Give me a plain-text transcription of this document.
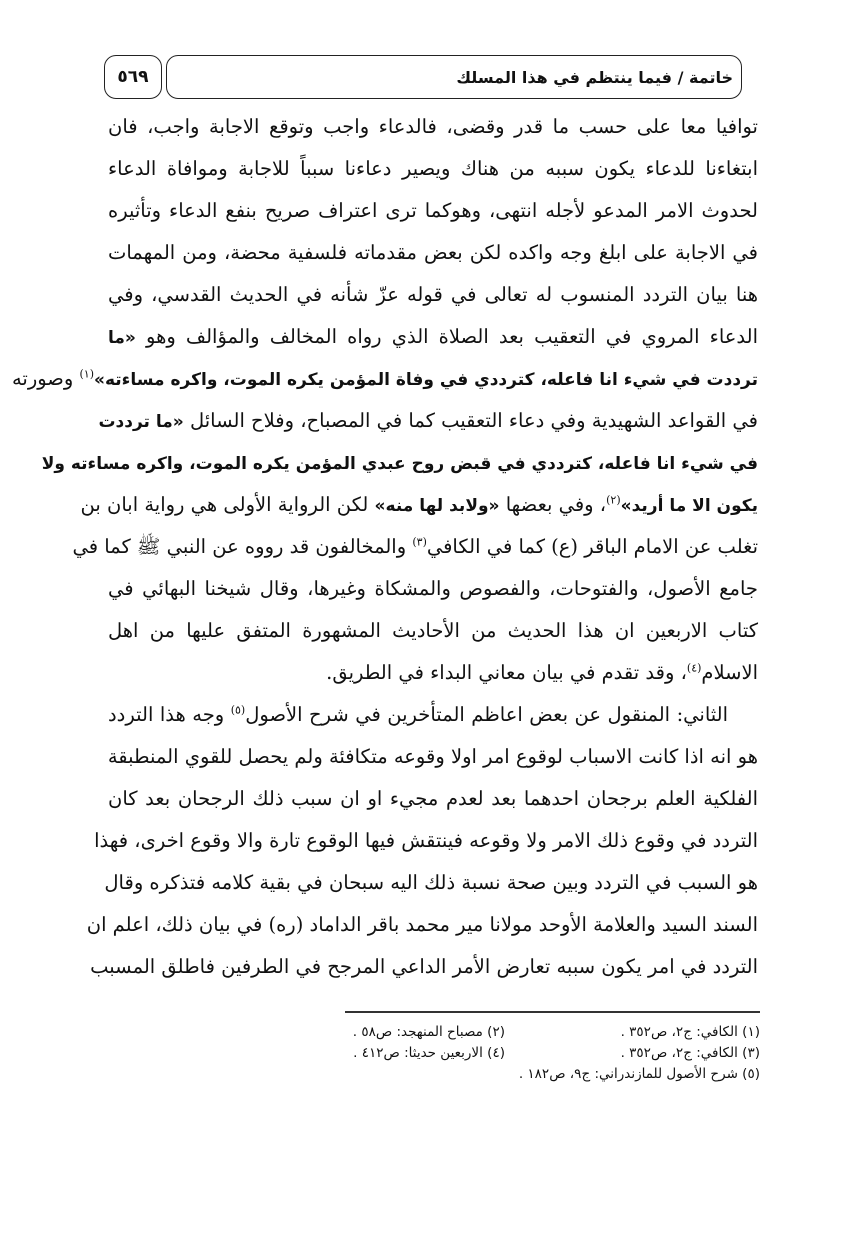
٥٦٩	خاتمة / فيما ينتظم في هذا المسلك
توافيا معا على حسب ما قدر وقضى، فالدعاء واجب وتوقع الاجابة واجب، فان
ابتغاءنا للدعاء يكون سببه من هناك ويصير دعاءنا سبباً للاجابة وموافاة الدعاء
لحدوث الامر المدعو لأجله انتهى، وهوكما ترى اعتراف صريح بنفع الدعاء وتأثيره
في الاجابة على ابلغ وجه واكده لكن بعض مقدماته فلسفية محضة، ومن المهمات
هنا بيان التردد المنسوب له تعالى في قوله عزّ شأنه في الحديث القدسي، وفي
الدعاء المروي في التعقيب بعد الصلاة الذي رواه المخالف والمؤالف وهو «ما
ترددت في شيء انا فاعله، كترددي في وفاة المؤمن يكره الموت، واكره مساءته»$^{(١)}$ وصورته
في القواعد الشهيدية وفي دعاء التعقيب كما في المصباح، وفلاح السائل «ما ترددت
في شيء انا فاعله، كترددي في قبض روح عبدي المؤمن يكره الموت، واكره مساءته ولا
يكون الا ما أريد»$^{(٢)}$، وفي بعضها «ولابد لها منه» لكن الرواية الأولى هي رواية ابان بن
تغلب عن الامام الباقر (ع) كما في الكافي$^{(٣)}$ والمخالفون قد رووه عن النبي ﷺ كما في
جامع الأصول، والفتوحات، والفصوص والمشكاة وغيرها، وقال شيخنا البهائي في
كتاب الاربعين ان هذا الحديث من الأحاديث المشهورة المتفق عليها من اهل
الاسلام$^{(٤)}$، وقد تقدم في بيان معاني البداء في الطريق.
الثاني: المنقول عن بعض اعاظم المتأخرين في شرح الأصول$^{(٥)}$ وجه هذا التردد
هو انه اذا كانت الاسباب لوقوع امر اولا وقوعه متكافئة ولم يحصل للقوي المنطبقة
الفلكية العلم برجحان احدهما بعد لعدم مجيء او ان سبب ذلك الرجحان بعد كان
التردد في وقوع ذلك الامر ولا وقوعه فينتقش فيها الوقوع تارة والا وقوع اخرى، فهذا
هو السبب في التردد وبين صحة نسبة ذلك اليه سبحان في بقية كلامه فتذكره وقال
السند السيد والعلامة الأوحد مولانا مير محمد باقر الداماد (ره) في بيان ذلك، اعلم ان
التردد في امر يكون سببه تعارض الأمر الداعي المرجح في الطرفين فاطلق المسبب
(١) الكافي: ج٢، ص٣٥٢ .
(٢) مصباح المنهجد: ص٥٨ .
(٣) الكافي: ج٢، ص٣٥٢ .
(٤) الاربعين حديثا: ص٤١٢ .
(٥) شرح الأصول للمازندراني: ج٩، ص١٨٢ .
